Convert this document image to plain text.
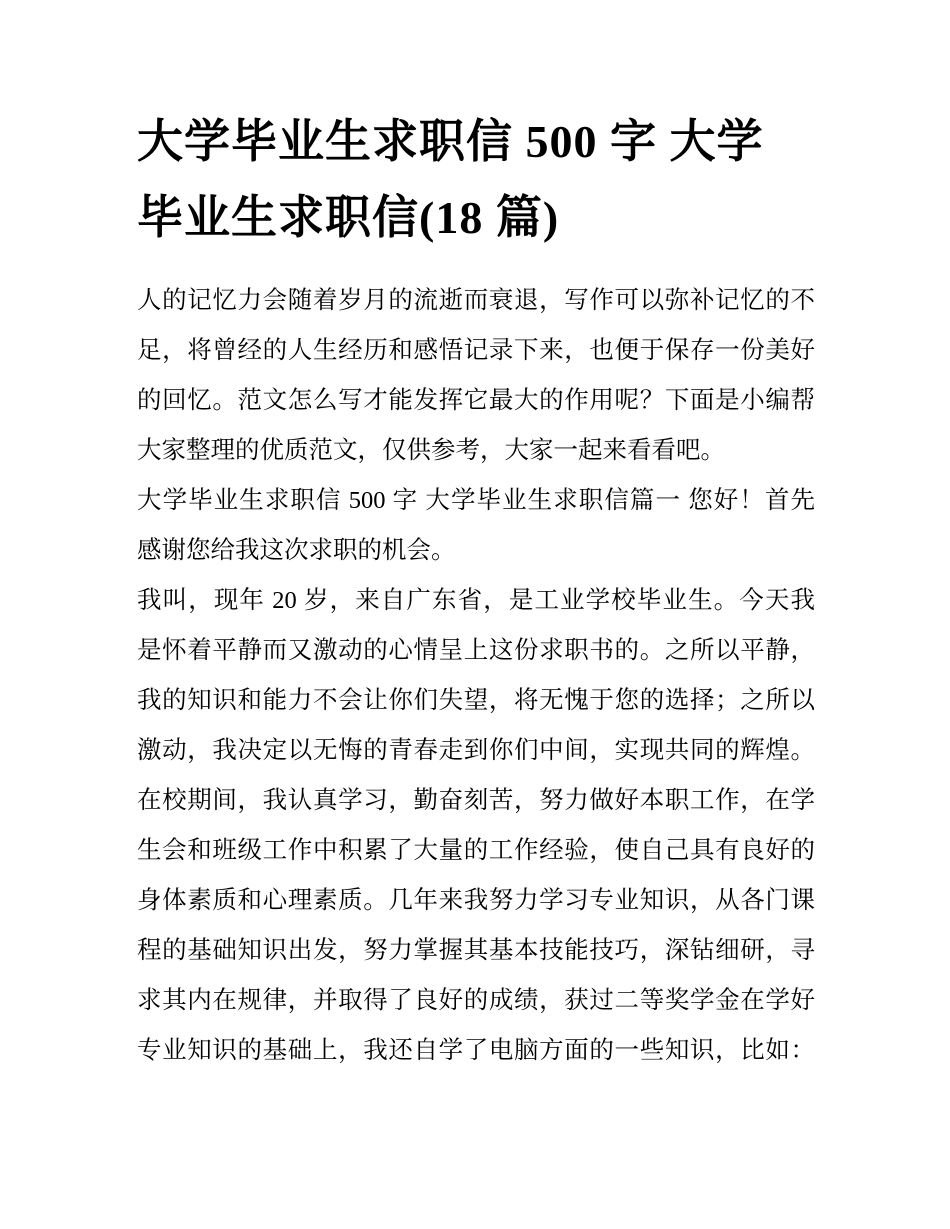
大学毕业生求职信 500 字 大学
毕业生求职信(18 篇)

人的记忆力会随着岁月的流逝而衰退，写作可以弥补记忆的不
足，将曾经的人生经历和感悟记录下来，也便于保存一份美好
的回忆。范文怎么写才能发挥它最大的作用呢？下面是小编帮
大家整理的优质范文，仅供参考，大家一起来看看吧。

大学毕业生求职信 500 字 大学毕业生求职信篇一 您好！首先
感谢您给我这次求职的机会。

我叫，现年 20 岁，来自广东省，是工业学校毕业生。今天我
是怀着平静而又激动的心情呈上这份求职书的。之所以平静，
我的知识和能力不会让你们失望，将无愧于您的选择；之所以
激动，我决定以无悔的青春走到你们中间，实现共同的辉煌。
在校期间，我认真学习，勤奋刻苦，努力做好本职工作，在学
生会和班级工作中积累了大量的工作经验，使自己具有良好的
身体素质和心理素质。几年来我努力学习专业知识，从各门课
程的基础知识出发，努力掌握其基本技能技巧，深钻细研，寻
求其内在规律，并取得了良好的成绩，获过二等奖学金在学好
专业知识的基础上，我还自学了电脑方面的一些知识，比如：
